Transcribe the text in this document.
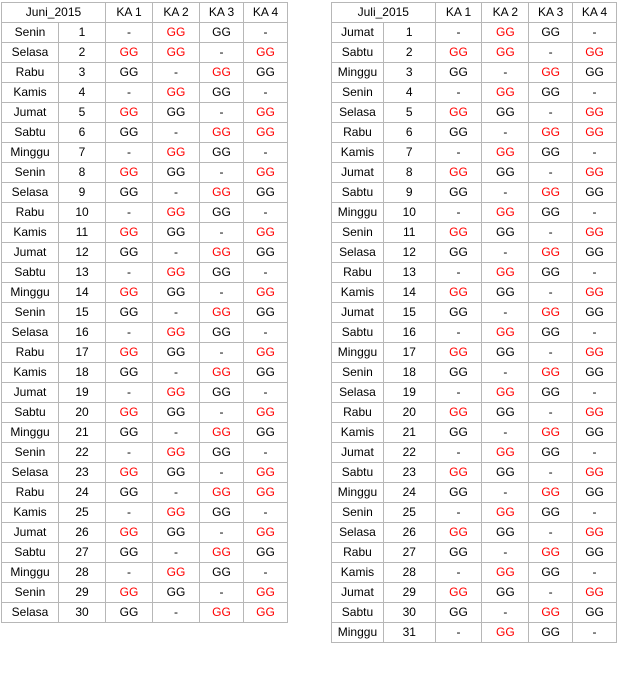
Juni_2015		KA 1	KA 2	KA 3	KA 4
Senin	1	-	GG	GG	-
Selasa	2	GG	GG	-	GG
Rabu	3	GG	-	GG	GG
Kamis	4	-	GG	GG	-
Jumat	5	GG	GG	-	GG
Sabtu	6	GG	-	GG	GG
Minggu	7	-	GG	GG	-
Senin	8	GG	GG	-	GG
Selasa	9	GG	-	GG	GG
Rabu	10	-	GG	GG	-
Kamis	11	GG	GG	-	GG
Jumat	12	GG	-	GG	GG
Sabtu	13	-	GG	GG	-
Minggu	14	GG	GG	-	GG
Senin	15	GG	-	GG	GG
Selasa	16	-	GG	GG	-
Rabu	17	GG	GG	-	GG
Kamis	18	GG	-	GG	GG
Jumat	19	-	GG	GG	-
Sabtu	20	GG	GG	-	GG
Minggu	21	GG	-	GG	GG
Senin	22	-	GG	GG	-
Selasa	23	GG	GG	-	GG
Rabu	24	GG	-	GG	GG
Kamis	25	-	GG	GG	-
Jumat	26	GG	GG	-	GG
Sabtu	27	GG	-	GG	GG
Minggu	28	-	GG	GG	-
Senin	29	GG	GG	-	GG
Selasa	30	GG	-	GG	GG
Juli_2015		KA 1	KA 2	KA 3	KA 4
Jumat	1	-	GG	GG	-
Sabtu	2	GG	GG	-	GG
Minggu	3	GG	-	GG	GG
Senin	4	-	GG	GG	-
Selasa	5	GG	GG	-	GG
Rabu	6	GG	-	GG	GG
Kamis	7	-	GG	GG	-
Jumat	8	GG	GG	-	GG
Sabtu	9	GG	-	GG	GG
Minggu	10	-	GG	GG	-
Senin	11	GG	GG	-	GG
Selasa	12	GG	-	GG	GG
Rabu	13	-	GG	GG	-
Kamis	14	GG	GG	-	GG
Jumat	15	GG	-	GG	GG
Sabtu	16	-	GG	GG	-
Minggu	17	GG	GG	-	GG
Senin	18	GG	-	GG	GG
Selasa	19	-	GG	GG	-
Rabu	20	GG	GG	-	GG
Kamis	21	GG	-	GG	GG
Jumat	22	-	GG	GG	-
Sabtu	23	GG	GG	-	GG
Minggu	24	GG	-	GG	GG
Senin	25	-	GG	GG	-
Selasa	26	GG	GG	-	GG
Rabu	27	GG	-	GG	GG
Kamis	28	-	GG	GG	-
Jumat	29	GG	GG	-	GG
Sabtu	30	GG	-	GG	GG
Minggu	31	-	GG	GG	-
